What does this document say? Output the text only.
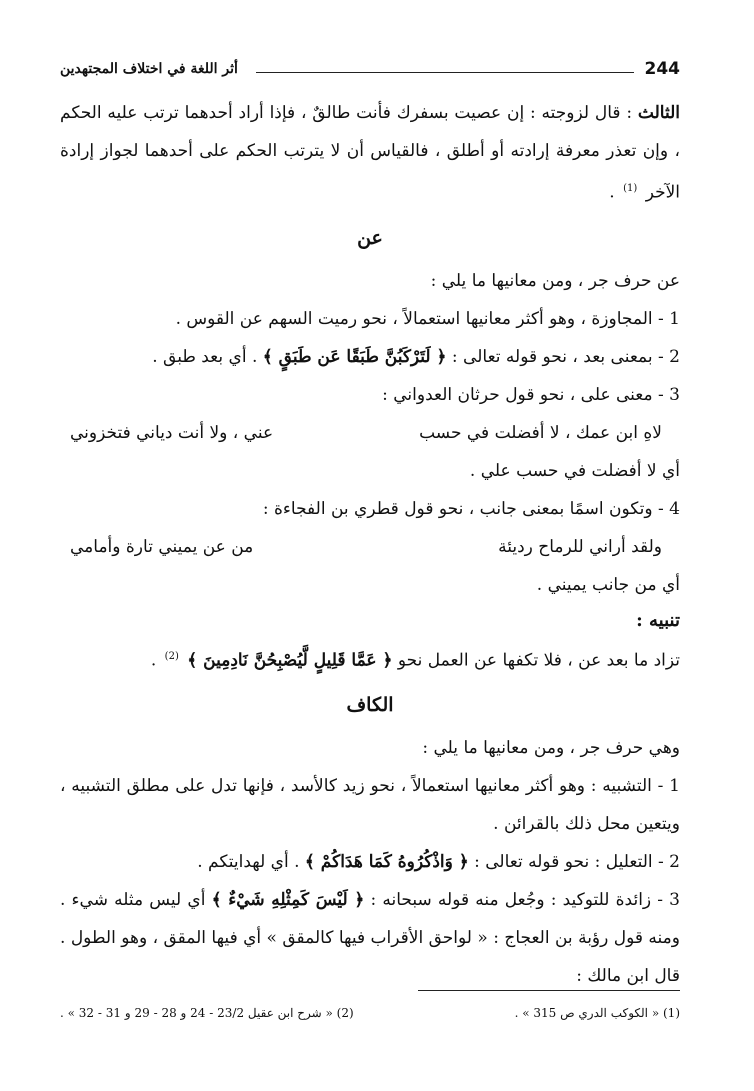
244
أثر اللغة في اختلاف المجتهدين

الثالث : قال لزوجته : إن عصيت بسفرك فأنت طالقٌ ، فإذا أراد أحدهما ترتب عليه الحكم ، وإن تعذر معرفة إرادته أو أطلق ، فالقياس أن لا يترتب الحكم على أحدهما لجواز إرادة الآخر $^{(1)}$ .

عن

عن حرف جر ، ومن معانيها ما يلي :

1 - المجاوزة ، وهو أكثر معانيها استعمالاً ، نحو رميت السهم عن القوس .

2 - بمعنى بعد ، نحو قوله تعالى : ﴿ لَتَرْكَبُنَّ طَبَقًا عَن طَبَقٍ ﴾ . أي بعد طبق .

3 - معنى على ، نحو قول حرثان العدواني :

لاهِ ابن عمك ، لا أفضلت في حسب
عني ، ولا أنت دياني فتخزوني

أي لا أفضلت في حسب علي .

4 - وتكون اسمًا بمعنى جانب ، نحو قول قطري بن الفجاءة :

ولقد أراني للرماح رديئة
من عن يميني تارة وأمامي

أي من جانب يميني .

تنبيه :

تزاد ما بعد عن ، فلا تكفها عن العمل نحو ﴿ عَمَّا قَلِيلٍ لَّيُصْبِحُنَّ نَادِمِينَ ﴾ $^{(2)}$ .

الكاف

وهي حرف جر ، ومن معانيها ما يلي :

1 - التشبيه : وهو أكثر معانيها استعمالاً ، نحو زيد كالأسد ، فإنها تدل على مطلق التشبيه ، ويتعين محل ذلك بالقرائن .

2 - التعليل : نحو قوله تعالى : ﴿ وَاذْكُرُوهُ كَمَا هَدَاكُمْ ﴾ . أي لهدايتكم .

3 - زائدة للتوكيد : وجُعل منه قوله سبحانه : ﴿ لَيْسَ كَمِثْلِهِ شَيْءٌ ﴾ أي ليس مثله شيء . ومنه قول رؤبة بن العجاج : « لواحق الأقراب فيها كالمقق » أي فيها المقق ، وهو الطول . قال ابن مالك :

(1) « الكوكب الدري ص 315 » .
(2) « شرح ابن عقيل 23/2 - 24 و 28 - 29 و 31 - 32 » .
